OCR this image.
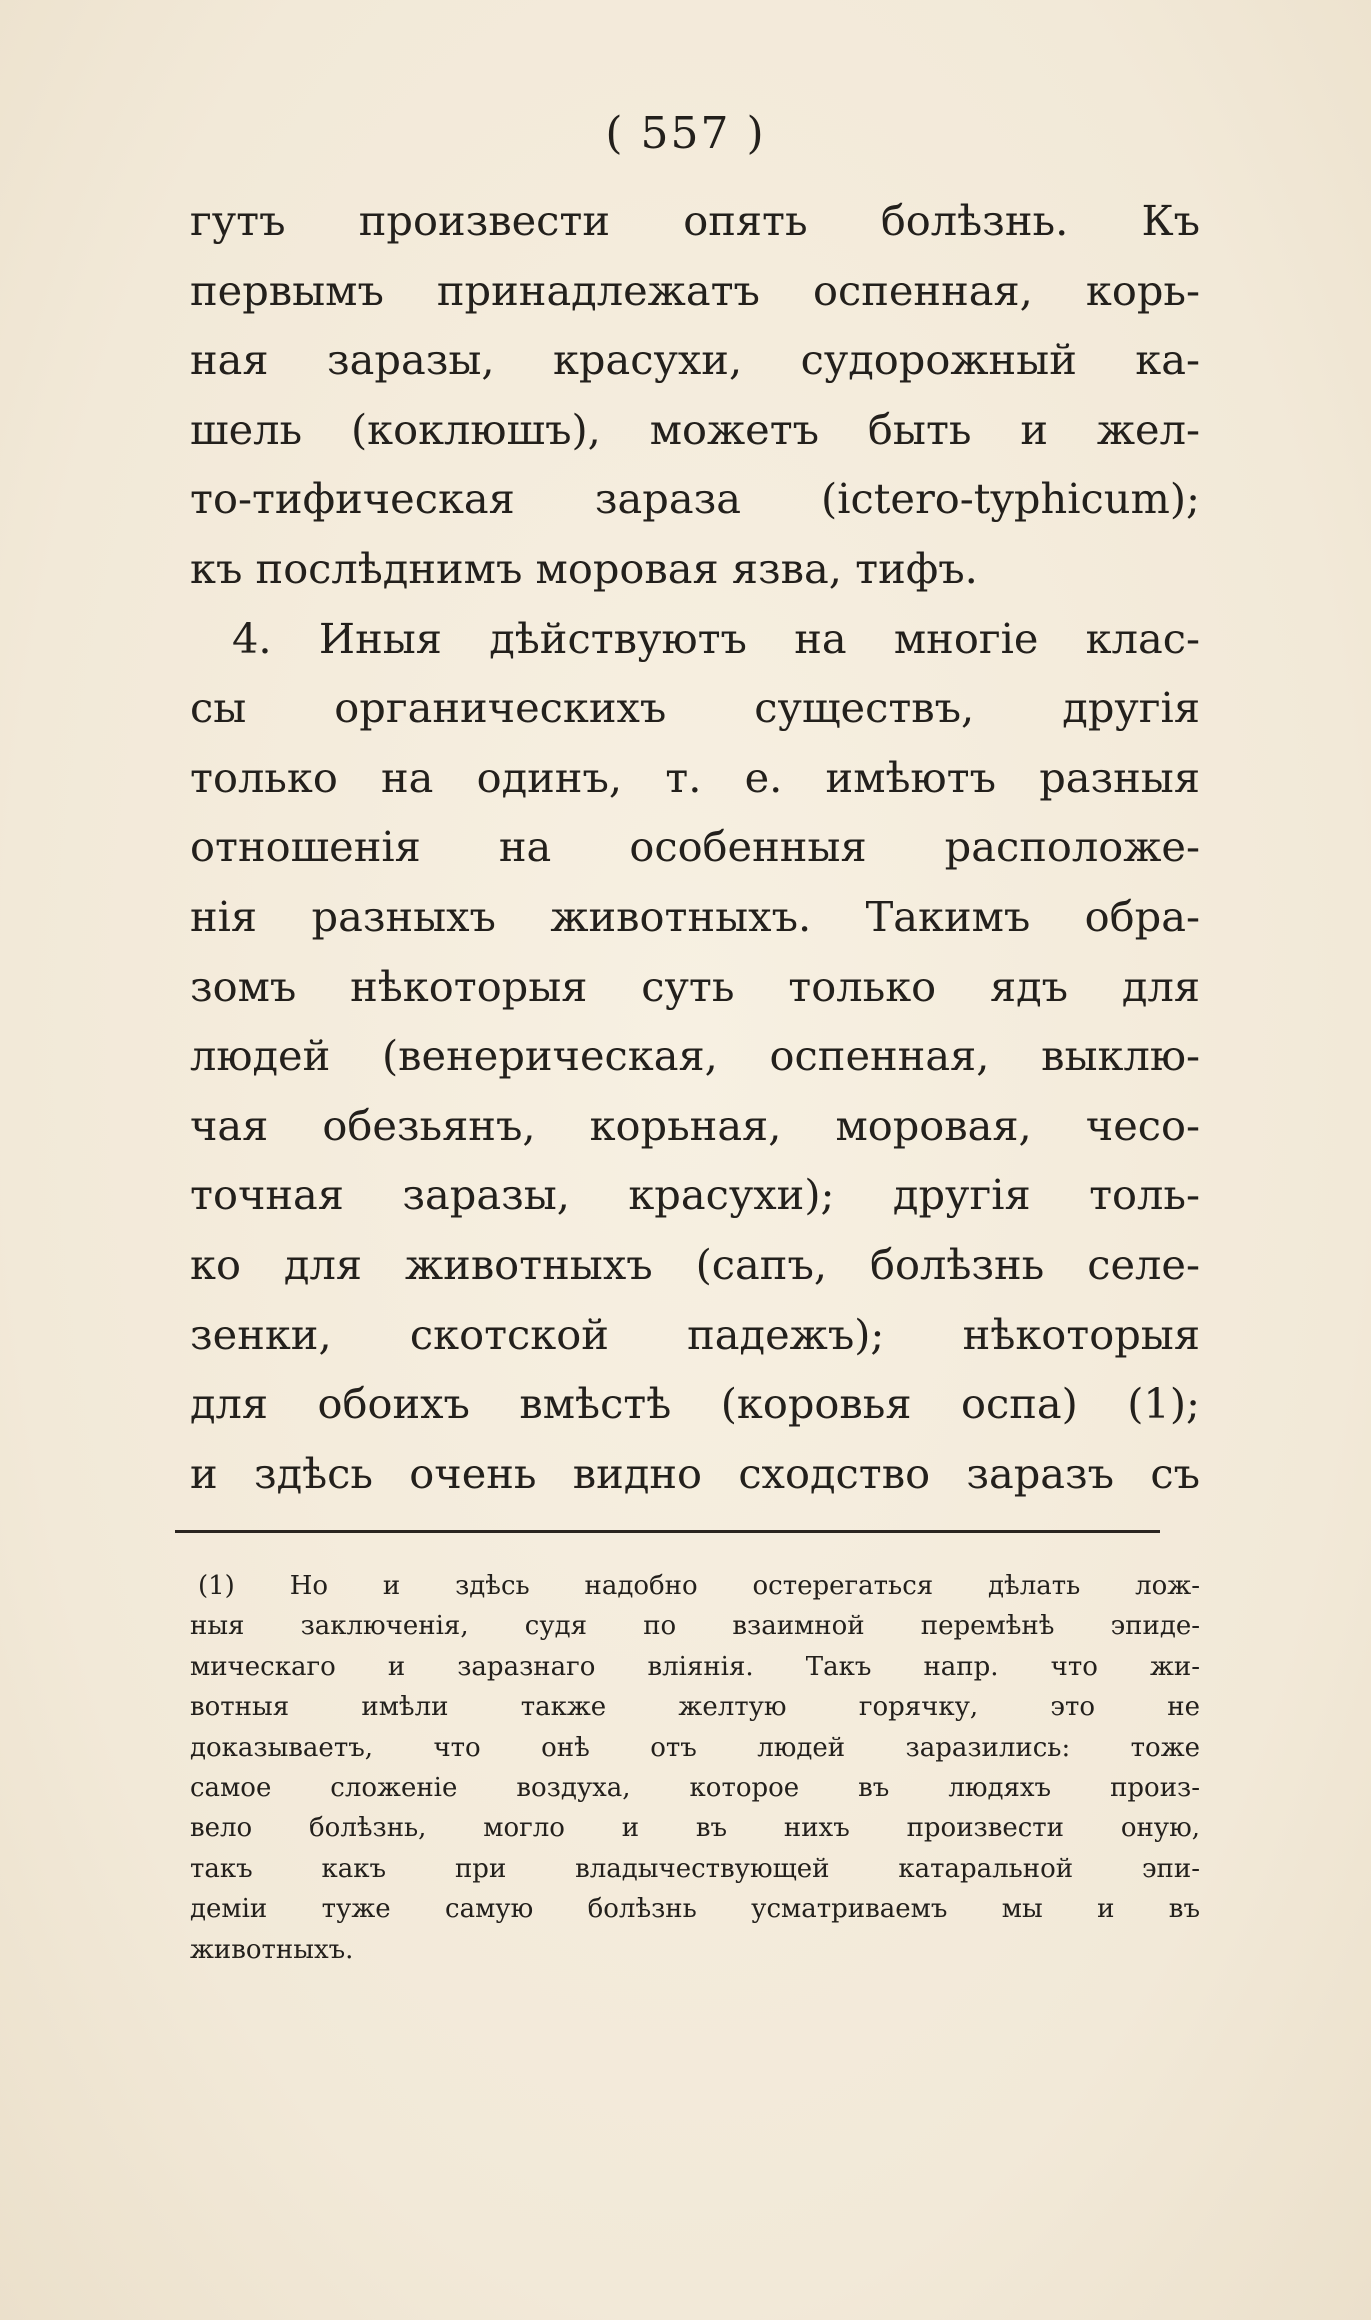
( 557 )
гутъ произвести опять болѣзнь. Къ
первымъ принадлежатъ оспенная, корь-
ная заразы, красухи, судорожный ка-
шель (коклюшъ), можетъ быть и жел-
то-тифическая зараза (ictero-typhicum);
къ послѣднимъ моровая язва, тифъ.
4. Иныя дѣйствуютъ на многіе клас-
сы органическихъ существъ, другія
только на одинъ, т. е. имѣютъ разныя
отношенія на особенныя расположе-
нія разныхъ животныхъ. Такимъ обра-
зомъ нѣкоторыя суть только ядъ для
людей (венерическая, оспенная, выклю-
чая обезьянъ, корьная, моровая, чесо-
точная заразы, красухи); другія толь-
ко для животныхъ (сапъ, болѣзнь селе-
зенки, скотской падежъ); нѣкоторыя
для обоихъ вмѣстѣ (коровья оспа) (1);
и здѣсь очень видно сходство заразъ съ
(1) Но и здѣсь надобно остерегаться дѣлать лож-
ныя заключенія, судя по взаимной перемѣнѣ эпиде-
мическаго и заразнаго вліянія. Такъ напр. что жи-
вотныя имѣли также желтую горячку, это не
доказываетъ, что онѣ отъ людей заразились: тоже
самое сложеніе воздуха, которое въ людяхъ произ-
вело болѣзнь, могло и въ нихъ произвести оную,
такъ какъ при владычествующей катаральной эпи-
деміи туже самую болѣзнь усматриваемъ мы и въ
животныхъ.
